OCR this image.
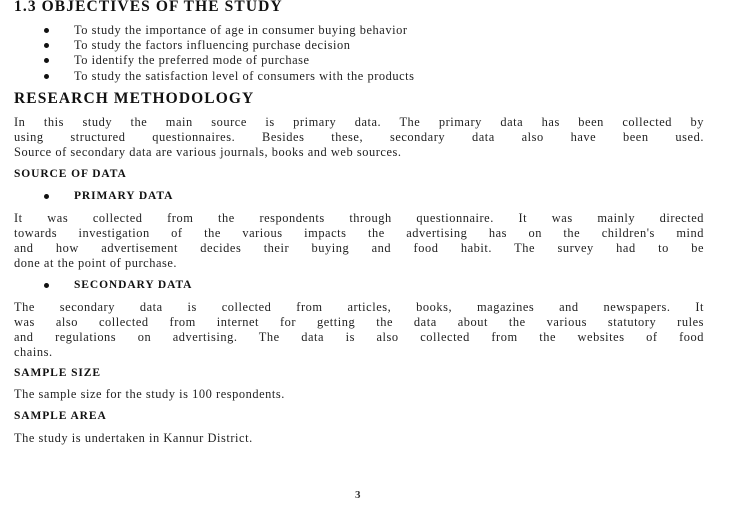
1.3 OBJECTIVES OF THE STUDY
To study the importance of age in consumer buying behavior
To study the factors influencing purchase decision
To identify the preferred mode of purchase
To study the satisfaction level of consumers with the products
RESEARCH METHODOLOGY
In this study the main source is primary data. The primary data has been collected by
using structured questionnaires. Besides these, secondary data also have been used.
Source of secondary data are various journals, books and web sources.
SOURCE OF DATA
PRIMARY DATA
It was collected from the respondents through questionnaire. It was mainly directed
towards investigation of the various impacts the advertising has on the children's mind
and how advertisement decides their buying and food habit. The survey had to be
done at the point of purchase.
SECONDARY DATA
The secondary data is collected from articles, books, magazines and newspapers. It
was also collected from internet for getting the data about the various statutory rules
and regulations on advertising. The data is also collected from the websites of food
chains.
SAMPLE SIZE
The sample size for the study is 100 respondents.
SAMPLE AREA
The study is undertaken in Kannur District.
3
